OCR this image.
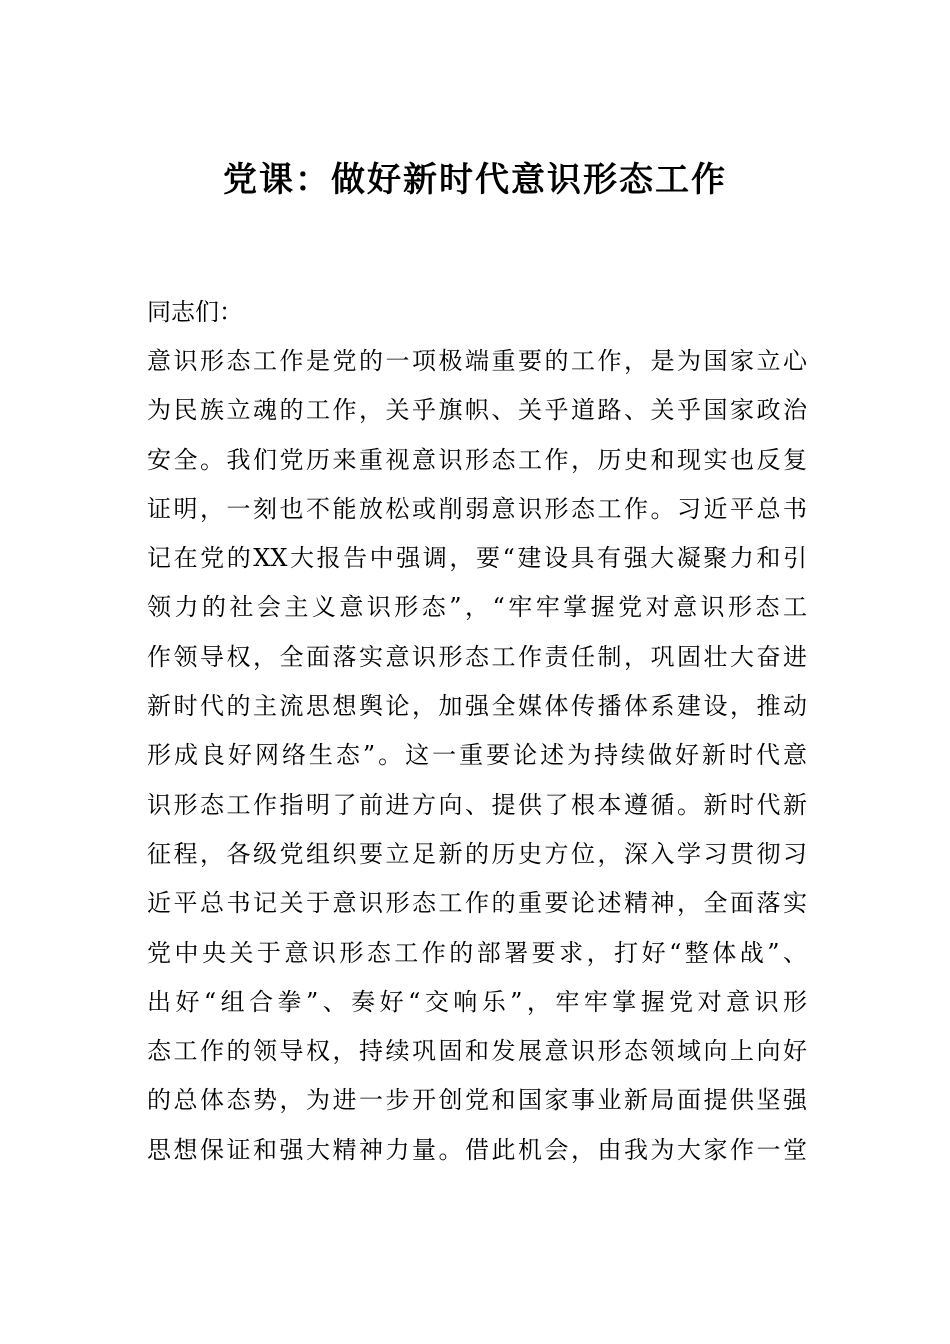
党课：做好新时代意识形态工作

同志们：

意识形态工作是党的一项极端重要的工作，是为国家立心
为民族立魂的工作，关乎旗帜、关乎道路、关乎国家政治
安全。我们党历来重视意识形态工作，历史和现实也反复
证明，一刻也不能放松或削弱意识形态工作。习近平总书
记在党的XX大报告中强调，要“建设具有强大凝聚力和引
领力的社会主义意识形态”，“牢牢掌握党对意识形态工
作领导权，全面落实意识形态工作责任制，巩固壮大奋进
新时代的主流思想舆论，加强全媒体传播体系建设，推动
形成良好网络生态”。这一重要论述为持续做好新时代意
识形态工作指明了前进方向、提供了根本遵循。新时代新
征程，各级党组织要立足新的历史方位，深入学习贯彻习
近平总书记关于意识形态工作的重要论述精神，全面落实
党中央关于意识形态工作的部署要求，打好“整体战”、
出好“组合拳”、奏好“交响乐”，牢牢掌握党对意识形
态工作的领导权，持续巩固和发展意识形态领域向上向好
的总体态势，为进一步开创党和国家事业新局面提供坚强
思想保证和强大精神力量。借此机会，由我为大家作一堂
